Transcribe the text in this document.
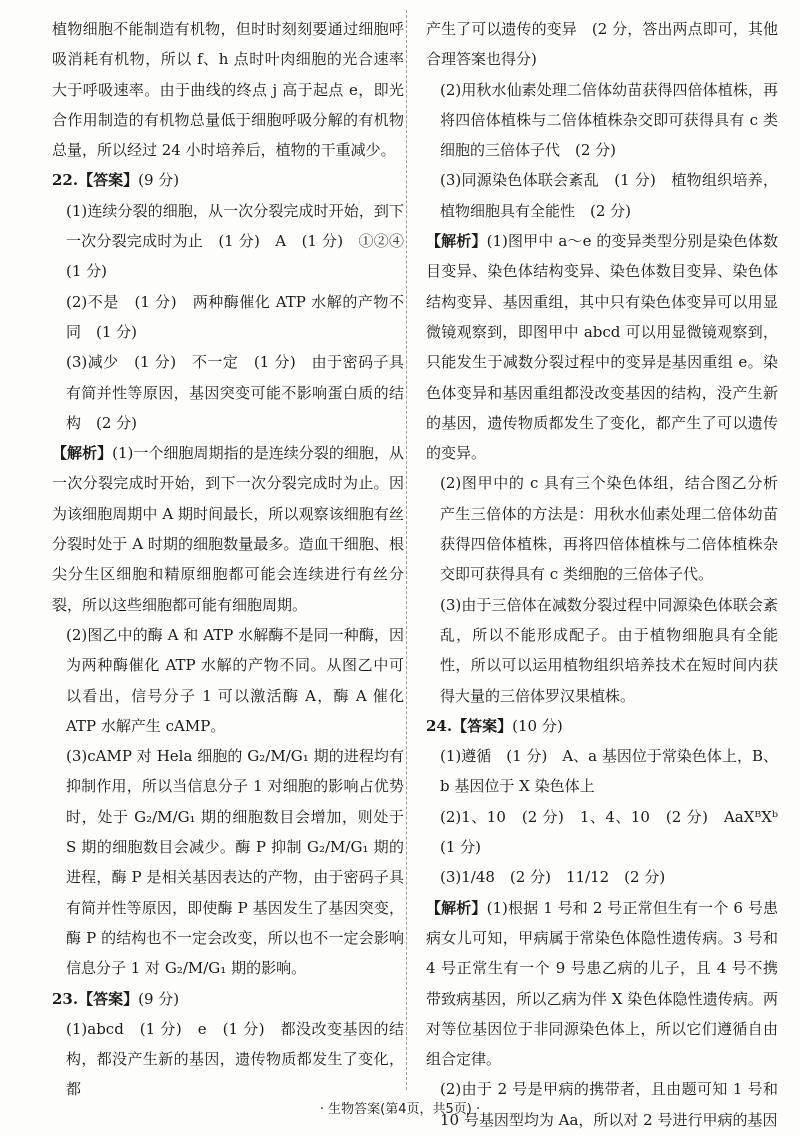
植物细胞不能制造有机物，但时时刻刻要通过细胞呼吸消耗有机物，所以 f、h 点时叶肉细胞的光合速率大于呼吸速率。由于曲线的终点 j 高于起点 e，即光合作用制造的有机物总量低于细胞呼吸分解的有机物总量，所以经过 24 小时培养后，植物的干重减少。

22.【答案】(9 分)

(1)连续分裂的细胞，从一次分裂完成时开始，到下一次分裂完成时为止　(1 分)　A　(1 分)　①②④　(1 分)

(2)不是　(1 分)　两种酶催化 ATP 水解的产物不同　(1 分)

(3)减少　(1 分)　不一定　(1 分)　由于密码子具有简并性等原因，基因突变可能不影响蛋白质的结构　(2 分)

【解析】(1)一个细胞周期指的是连续分裂的细胞，从一次分裂完成时开始，到下一次分裂完成时为止。因为该细胞周期中 A 期时间最长，所以观察该细胞有丝分裂时处于 A 时期的细胞数量最多。造血干细胞、根尖分生区细胞和精原细胞都可能会连续进行有丝分裂，所以这些细胞都可能有细胞周期。

(2)图乙中的酶 A 和 ATP 水解酶不是同一种酶，因为两种酶催化 ATP 水解的产物不同。从图乙中可以看出，信号分子 1 可以激活酶 A，酶 A 催化 ATP 水解产生 cAMP。

(3)cAMP 对 Hela 细胞的 G₂/M/G₁ 期的进程均有抑制作用，所以当信息分子 1 对细胞的影响占优势时，处于 G₂/M/G₁ 期的细胞数目会增加，则处于 S 期的细胞数目会减少。酶 P 抑制 G₂/M/G₁ 期的进程，酶 P 是相关基因表达的产物，由于密码子具有简并性等原因，即使酶 P 基因发生了基因突变，酶 P 的结构也不一定会改变，所以也不一定会影响信息分子 1 对 G₂/M/G₁ 期的影响。

23.【答案】(9 分)

(1)abcd　(1 分)　e　(1 分)　都没改变基因的结构，都没产生新的基因，遗传物质都发生了变化，都

产生了可以遗传的变异　(2 分，答出两点即可，其他合理答案也得分)

(2)用秋水仙素处理二倍体幼苗获得四倍体植株，再将四倍体植株与二倍体植株杂交即可获得具有 c 类细胞的三倍体子代　(2 分)

(3)同源染色体联会紊乱　(1 分)　植物组织培养，植物细胞具有全能性　(2 分)

【解析】(1)图甲中 a～e 的变异类型分别是染色体数目变异、染色体结构变异、染色体数目变异、染色体结构变异、基因重组，其中只有染色体变异可以用显微镜观察到，即图甲中 abcd 可以用显微镜观察到，只能发生于减数分裂过程中的变异是基因重组 e。染色体变异和基因重组都没改变基因的结构，没产生新的基因，遗传物质都发生了变化，都产生了可以遗传的变异。

(2)图甲中的 c 具有三个染色体组，结合图乙分析产生三倍体的方法是：用秋水仙素处理二倍体幼苗获得四倍体植株，再将四倍体植株与二倍体植株杂交即可获得具有 c 类细胞的三倍体子代。

(3)由于三倍体在减数分裂过程中同源染色体联会紊乱，所以不能形成配子。由于植物细胞具有全能性，所以可以运用植物组织培养技术在短时间内获得大量的三倍体罗汉果植株。

24.【答案】(10 分)

(1)遵循　(1 分)　A、a 基因位于常染色体上，B、b 基因位于 X 染色体上

(2)1、10　(2 分)　1、4、10　(2 分)　AaXᴮXᵇ　(1 分)

(3)1/48　(2 分)　11/12　(2 分)

【解析】(1)根据 1 号和 2 号正常但生有一个 6 号患病女儿可知，甲病属于常染色体隐性遗传病。3 号和 4 号正常生有一个 9 号患乙病的儿子，且 4 号不携带致病基因，所以乙病为伴 X 染色体隐性遗传病。两对等位基因位于非同源染色体上，所以它们遵循自由组合定律。

(2)由于 2 号是甲病的携带者，且由题可知 1 号和 10 号基因型均为 Aa，所以对 2 号进行甲病的基因

· 生物答案(第4页，共5页) ·
